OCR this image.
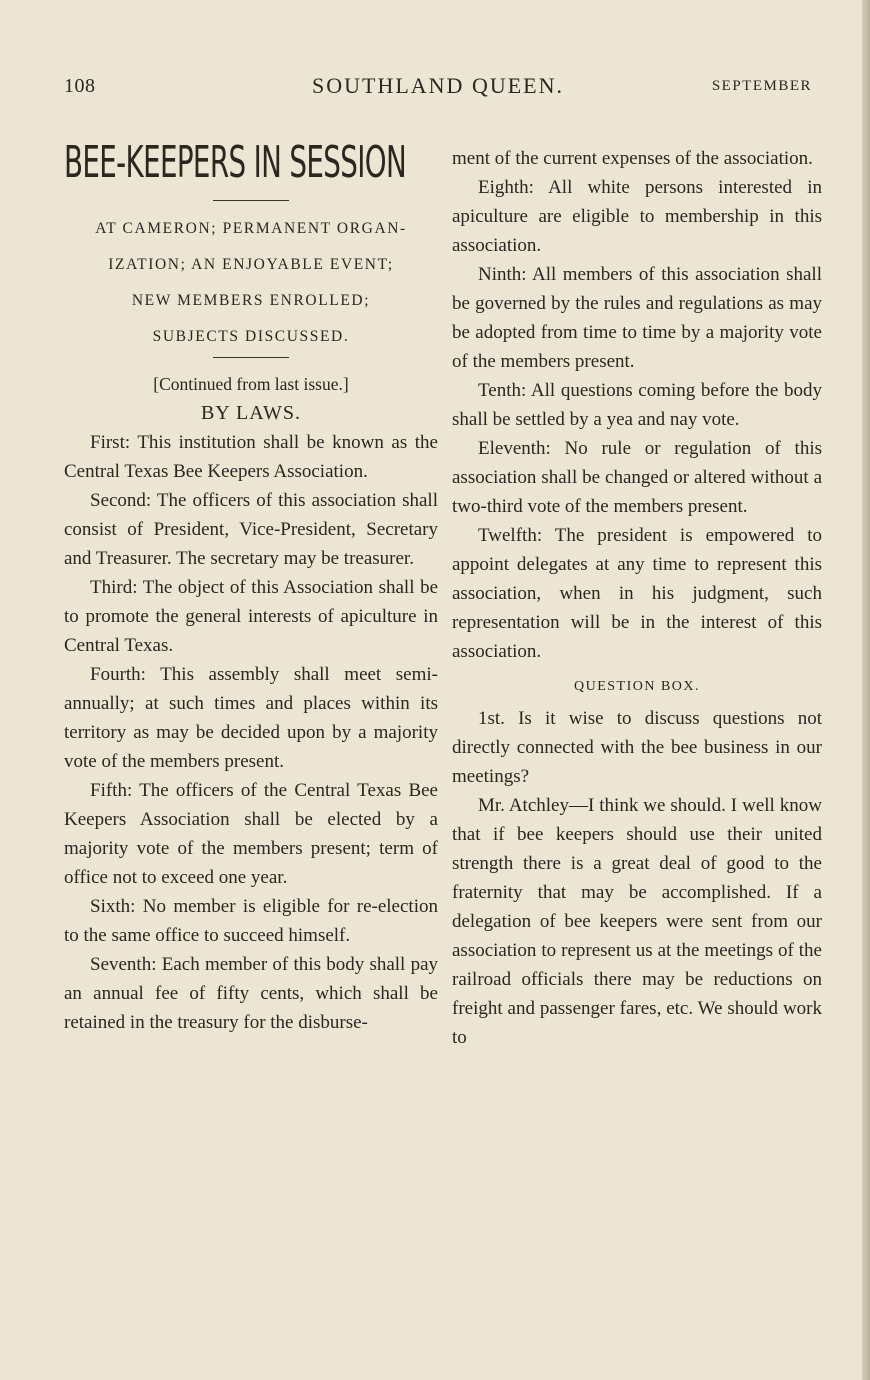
108	SOUTHLAND QUEEN.	SEPTEMBER
BEE-KEEPERS IN SESSION

AT CAMERON; PERMANENT ORGAN-

IZATION; AN ENJOYABLE EVENT;

NEW MEMBERS ENROLLED;

SUBJECTS DISCUSSED.

[Continued from last issue.]

BY LAWS.

First: This institution shall be known as the Central Texas Bee Keepers Association.

Second: The officers of this association shall consist of President, Vice-President, Secretary and Treasurer. The secretary may be treasurer.

Third: The object of this Association shall be to promote the general interests of apiculture in Central Texas.

Fourth: This assembly shall meet semi-annually; at such times and places within its territory as may be decided upon by a majority vote of the members present.

Fifth: The officers of the Central Texas Bee Keepers Association shall be elected by a majority vote of the members present; term of office not to exceed one year.

Sixth: No member is eligible for re-election to the same office to succeed himself.

Seventh: Each member of this body shall pay an annual fee of fifty cents, which shall be retained in the treasury for the disburse-

ment of the current expenses of the association.

Eighth: All white persons interested in apiculture are eligible to membership in this association.

Ninth: All members of this association shall be governed by the rules and regulations as may be adopted from time to time by a majority vote of the members present.

Tenth: All questions coming before the body shall be settled by a yea and nay vote.

Eleventh: No rule or regulation of this association shall be changed or altered without a two-third vote of the members present.

Twelfth: The president is empowered to appoint delegates at any time to represent this association, when in his judgment, such representation will be in the interest of this association.

QUESTION BOX.

1st. Is it wise to discuss questions not directly connected with the bee business in our meetings?

Mr. Atchley—I think we should. I well know that if bee keepers should use their united strength there is a great deal of good to the fraternity that may be accomplished. If a delegation of bee keepers were sent from our association to represent us at the meetings of the railroad officials there may be reductions on freight and passenger fares, etc. We should work to
